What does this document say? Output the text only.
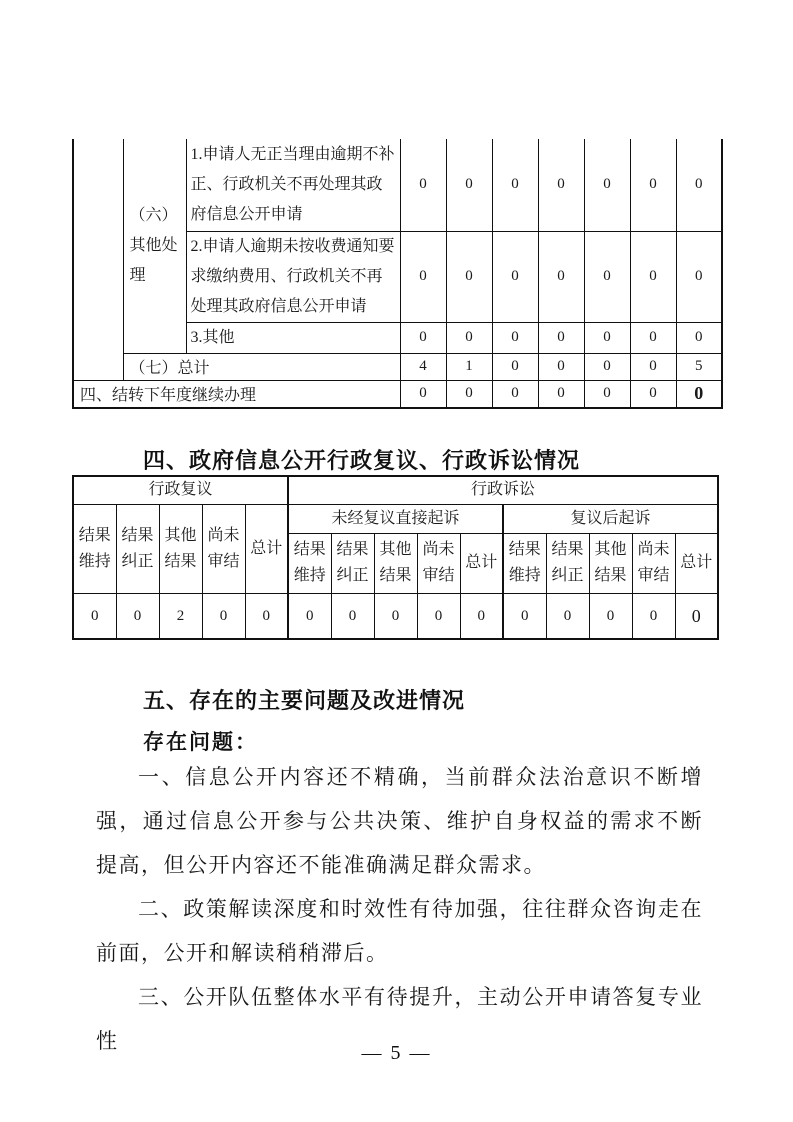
	（六）其他处理	1.申请人无正当理由逾期不补正、行政机关不再处理其政府信息公开申请	0	0	0	0	0	0	0
		2.申请人逾期未按收费通知要求缴纳费用、行政机关不再处理其政府信息公开申请	0	0	0	0	0	0	0
		3.其他	0	0	0	0	0	0	0
	（七）总计		4	1	0	0	0	0	5
四、结转下年度继续办理			0	0	0	0	0	0	0
四、政府信息公开行政复议、行政诉讼情况
行政复议					行政诉讼									
结果维持	结果纠正	其他结果	尚未审结	总计	未经复议直接起诉					复议后起诉				
					结果维持	结果纠正	其他结果	尚未审结	总计	结果维持	结果纠正	其他结果	尚未审结	总计
0	0	2	0	0	0	0	0	0	0	0	0	0	0	0
五、存在的主要问题及改进情况
存在问题：

一、信息公开内容还不精确，当前群众法治意识不断增强，通过信息公开参与公共决策、维护自身权益的需求不断提高，但公开内容还不能准确满足群众需求。

二、政策解读深度和时效性有待加强，往往群众咨询走在前面，公开和解读稍稍滞后。

三、公开队伍整体水平有待提升，主动公开申请答复专业性	— 5 —
